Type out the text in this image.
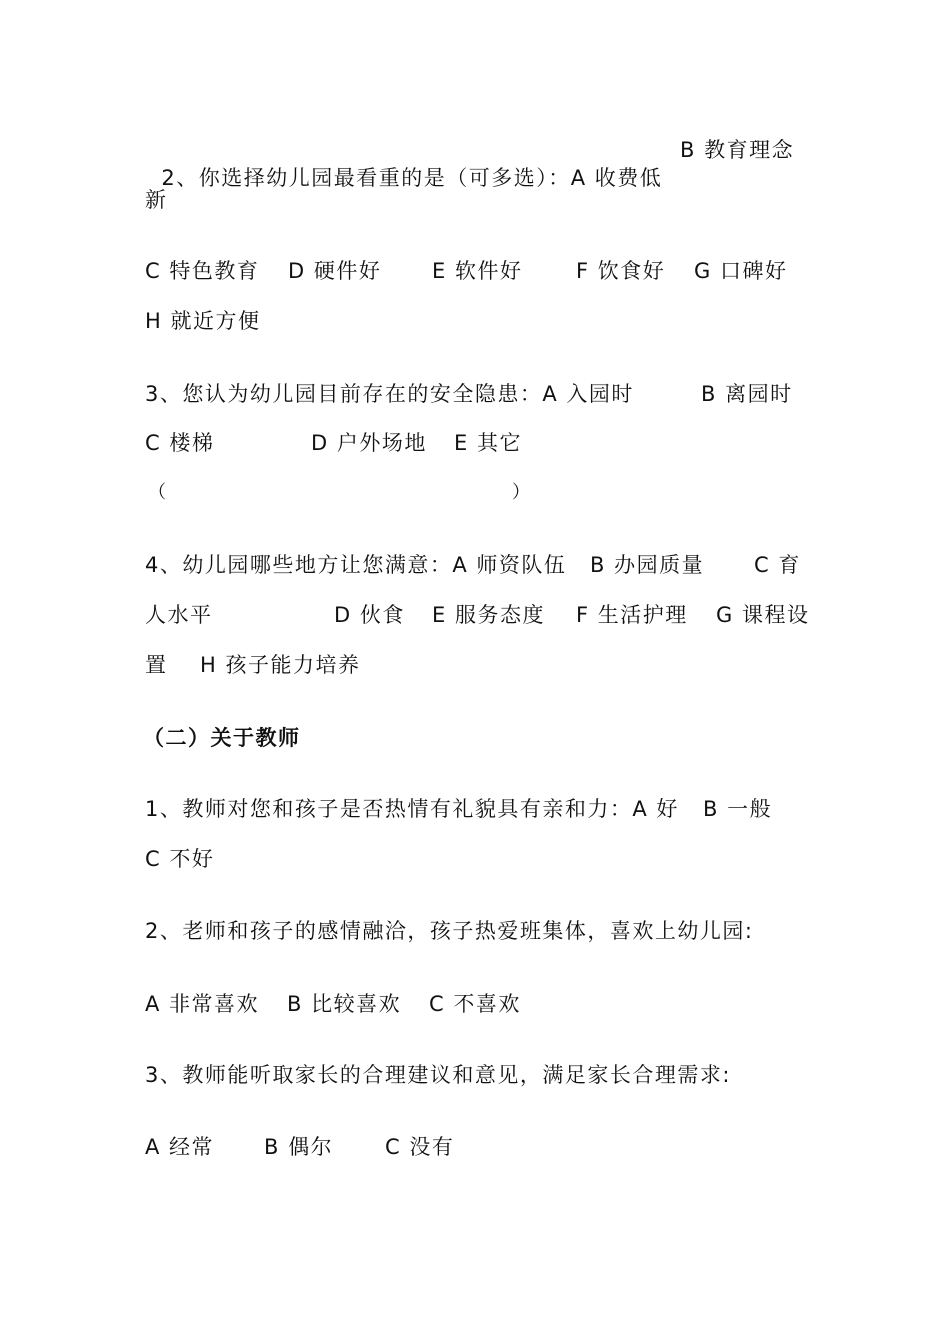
2、你选择幼儿园最看重的是（可多选）：A 收费低

B 教育理念
新
C 特色教育 D 硬件好 E 软件好	F 饮食好 G 口碑好
H 就近方便
3、您认为幼儿园目前存在的安全隐患：A 入园时	B 离园时
C 楼梯	D 户外场地 E 其它
（	）
4、幼儿园哪些地方让您满意：A 师资队伍 B 办园质量 C 育
人水平	D 伙食 E 服务态度 F 生活护理 G 课程设
置 H 孩子能力培养
（二）关于教师
1、教师对您和孩子是否热情有礼貌具有亲和力：A 好 B 一般
C 不好
2、老师和孩子的感情融洽，孩子热爱班集体，喜欢上幼儿园:
A 非常喜欢 B 比较喜欢 C 不喜欢
3、教师能听取家长的合理建议和意见，满足家长合理需求:
A 经常 B 偶尔 C 没有
